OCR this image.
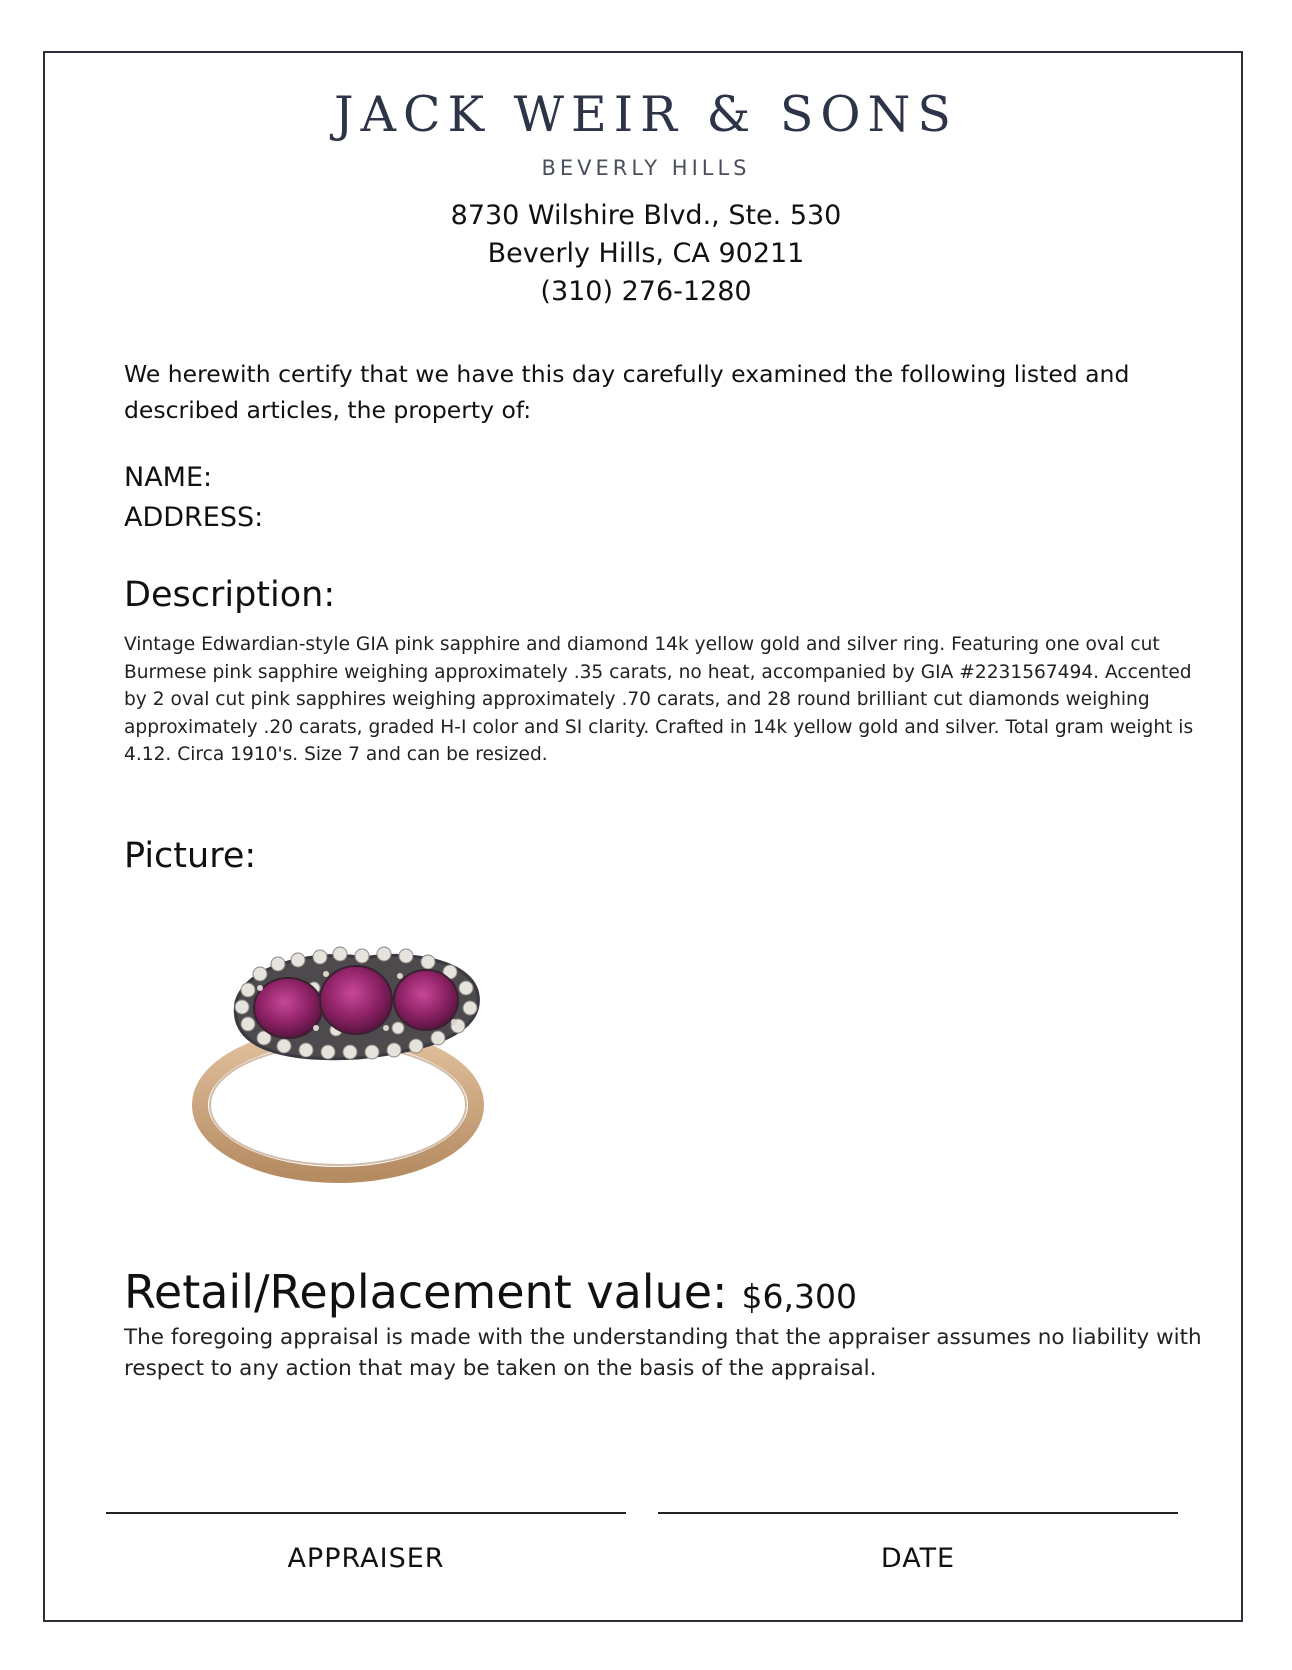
JACK WEIR & SONS
BEVERLY HILLS
8730 Wilshire Blvd., Ste. 530
Beverly Hills, CA 90211
(310) 276-1280
We herewith certify that we have this day carefully examined the following listed and described articles, the property of:
NAME:
ADDRESS:
Description:
Vintage Edwardian-style GIA pink sapphire and diamond 14k yellow gold and silver ring. Featuring one oval cut Burmese pink sapphire weighing approximately .35 carats, no heat, accompanied by GIA #2231567494. Accented by 2 oval cut pink sapphires weighing approximately .70 carats, and 28 round brilliant cut diamonds weighing approximately .20 carats, graded H-I color and SI clarity. Crafted in 14k yellow gold and silver. Total gram weight is 4.12. Circa 1910's. Size 7 and can be resized.
Picture:
Retail/Replacement value: $6,300
The foregoing appraisal is made with the understanding that the appraiser assumes no liability with respect to any action that may be taken on the basis of the appraisal.
APPRAISER	DATE
